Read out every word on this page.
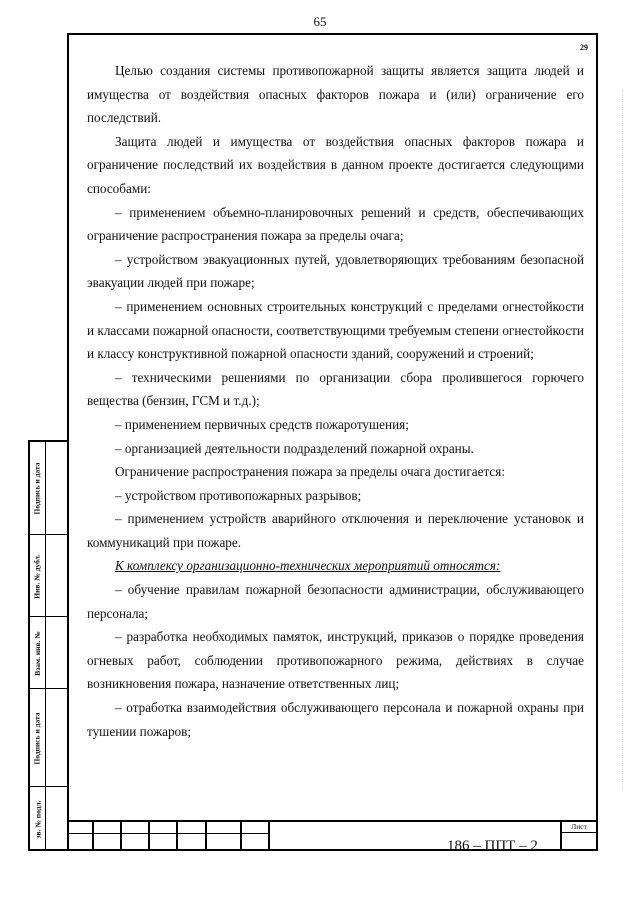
65
Подпись и дата
Инв. № дубл.
Взам. инв. №
Подпись и дата
зв. № подл.
29

Целью создания системы противопожарной защиты является защита людей и имущества от воздействия опасных факторов пожара и (или) ограничение его последствий.

Защита людей и имущества от воздействия опасных факторов пожара и ограничение последствий их воздействия в данном проекте достигается следующими способами:

– применением объемно-планировочных решений и средств, обеспечивающих ограничение распространения пожара за пределы очага;

– устройством эвакуационных путей, удовлетворяющих требованиям безопасной эвакуации людей при пожаре;

– применением основных строительных конструкций с пределами огнестойкости и классами пожарной опасности, соответствующими требуемым степени огнестойкости и классу конструктивной пожарной опасности зданий, сооружений и строений;

– техническими решениями по организации сбора пролившегося горючего вещества (бензин, ГСМ и т.д.);

– применением первичных средств пожаротушения;

– организацией деятельности подразделений пожарной охраны.

Ограничение распространения пожара за пределы очага достигается:

– устройством противопожарных разрывов;

– применением устройств аварийного отключения и переключение установок и коммуникаций при пожаре.

К комплексу организационно-технических мероприятий относятся:

– обучение правилам пожарной безопасности администрации, обслуживающего персонала;

– разработка необходимых памяток, инструкций, приказов о порядке проведения огневых работ, соблюдении противопожарного режима, действиях в случае возникновения пожара, назначение ответственных лиц;

– отработка взаимодействия обслуживающего персонала и пожарной охраны при тушении пожаров;

186 – ППТ – 2
Лист
